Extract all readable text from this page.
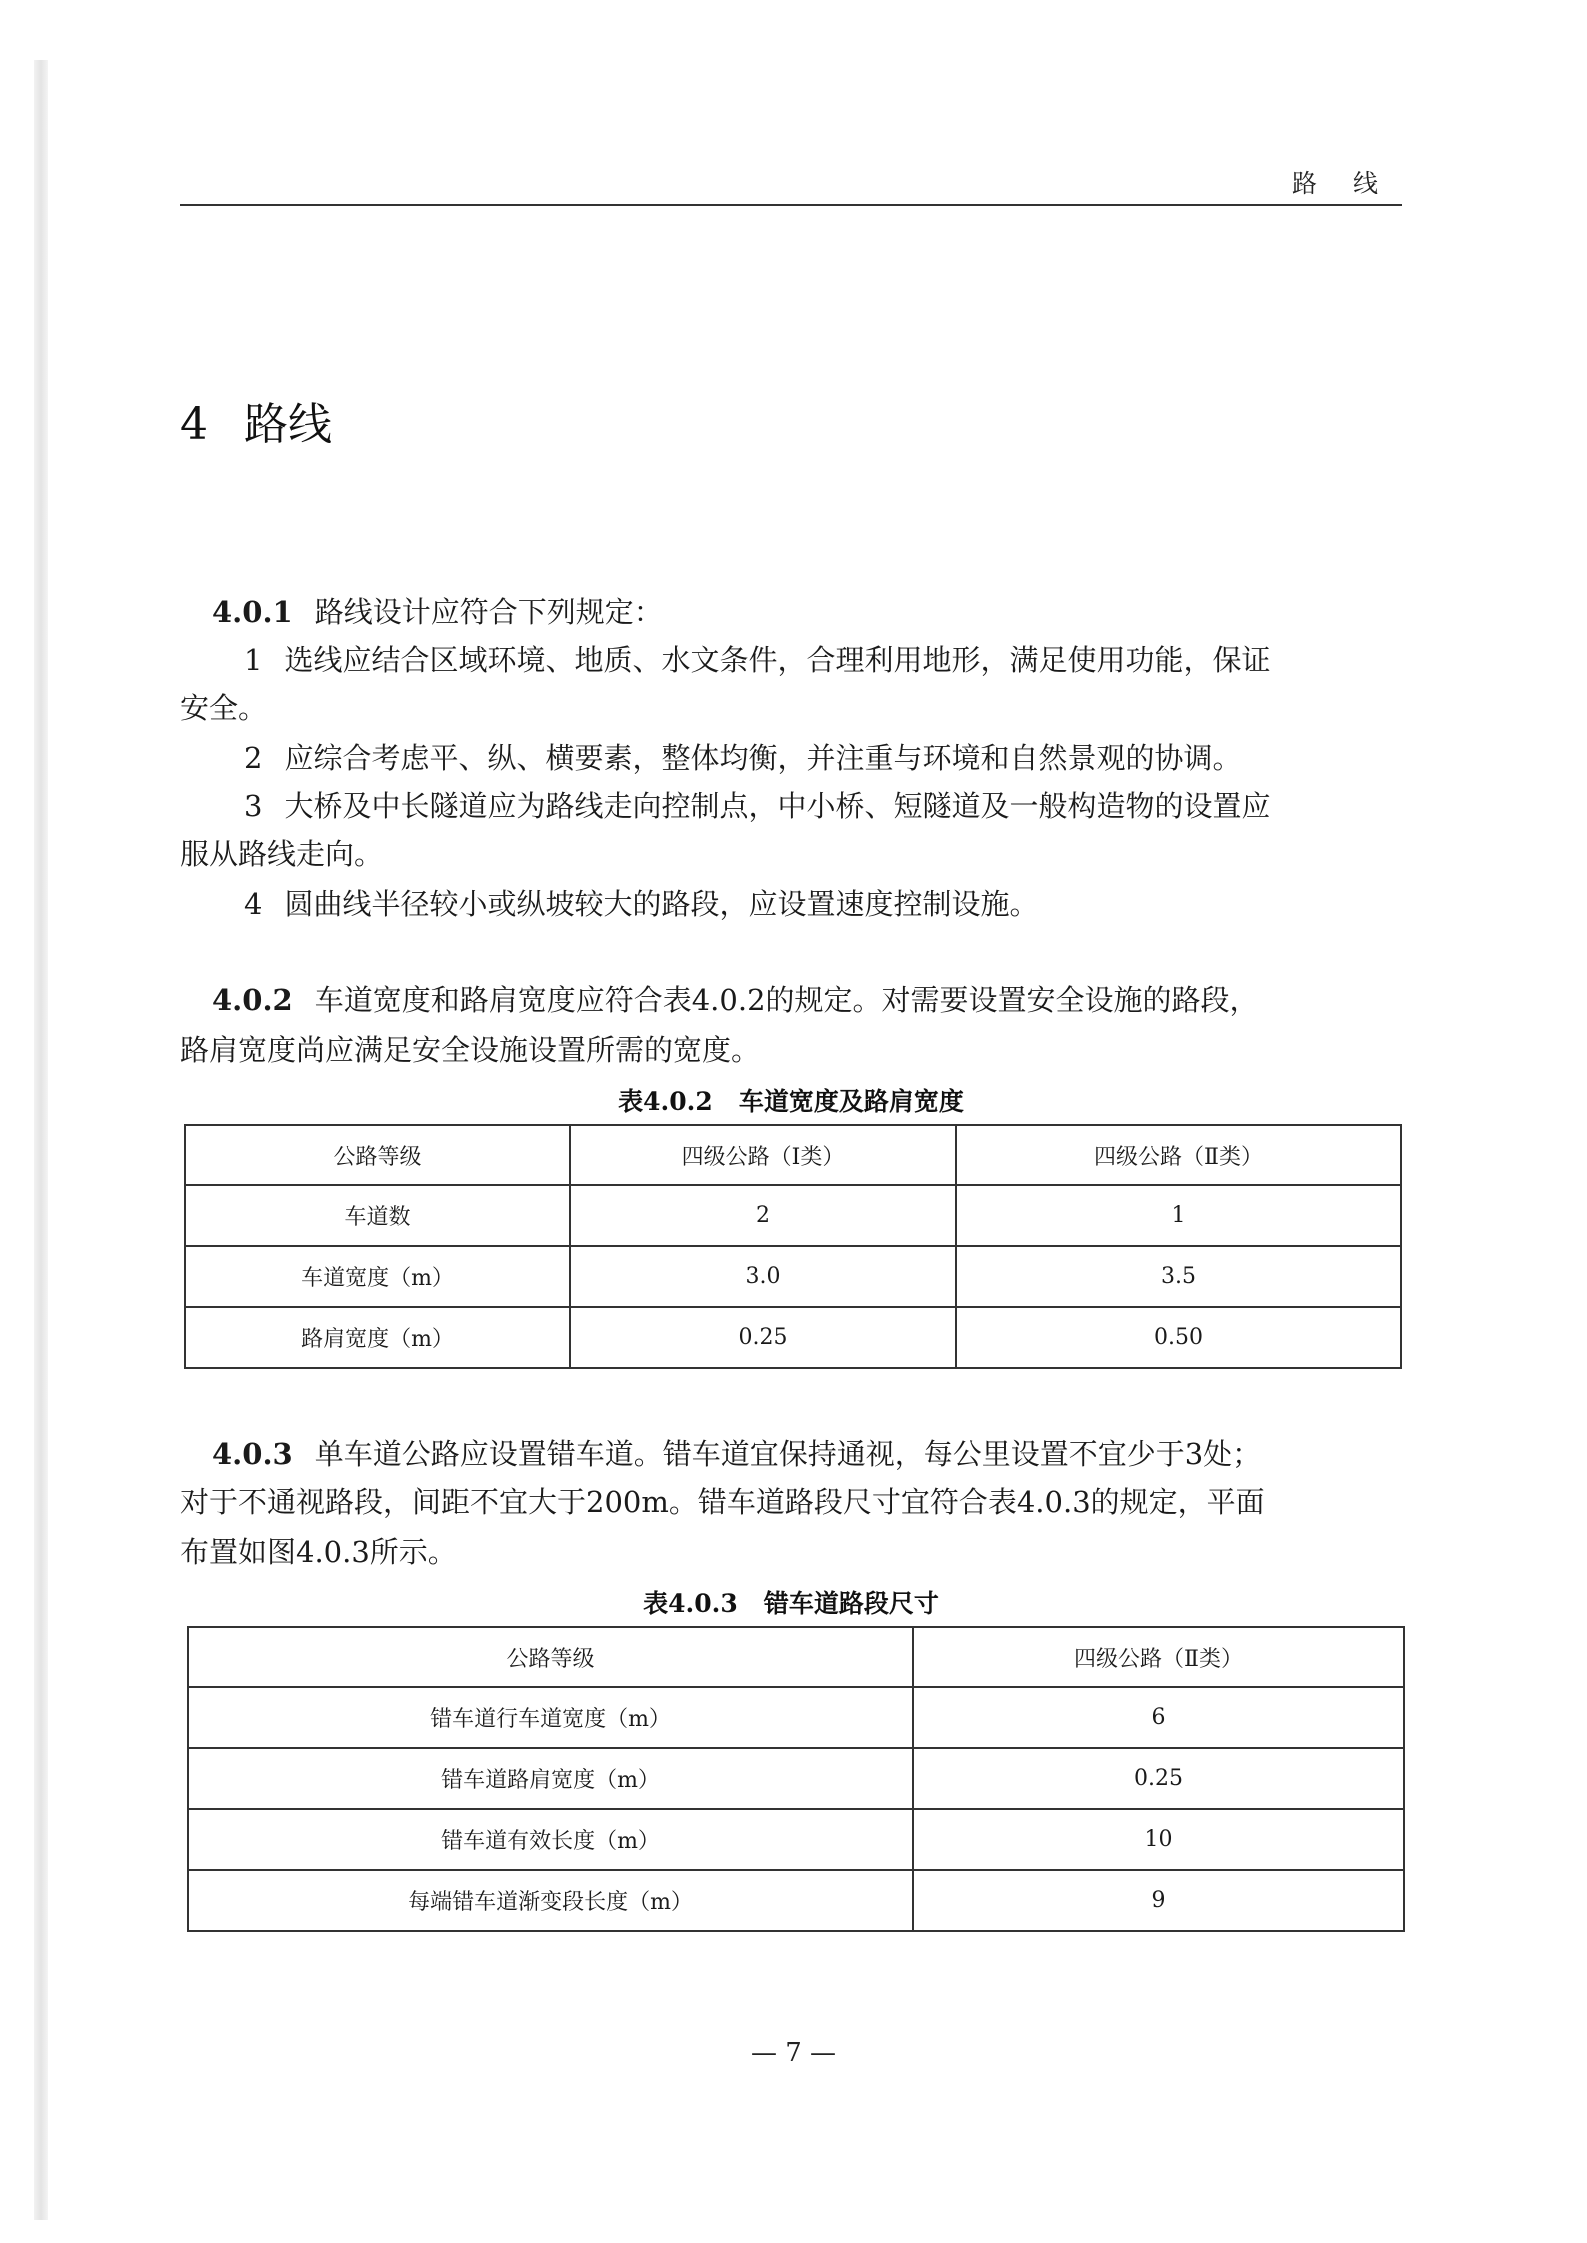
路线
4 路线
4.0.1 路线设计应符合下列规定：
1 选线应结合区域环境、地质、水文条件，合理利用地形，满足使用功能，保证
安全。
2 应综合考虑平、纵、横要素，整体均衡，并注重与环境和自然景观的协调。
3 大桥及中长隧道应为路线走向控制点，中小桥、短隧道及一般构造物的设置应
服从路线走向。
4 圆曲线半径较小或纵坡较大的路段，应设置速度控制设施。
4.0.2 车道宽度和路肩宽度应符合表4.0.2的规定。对需要设置安全设施的路段，
路肩宽度尚应满足安全设施设置所需的宽度。
表4.0.2 车道宽度及路肩宽度
公路等级	四级公路（Ⅰ类）	四级公路（Ⅱ类）
车道数	2	1
车道宽度（m）	3.0	3.5
路肩宽度（m）	0.25	0.50
4.0.3 单车道公路应设置错车道。错车道宜保持通视，每公里设置不宜少于3处；
对于不通视路段，间距不宜大于200m。错车道路段尺寸宜符合表4.0.3的规定，平面
布置如图4.0.3所示。
表4.0.3 错车道路段尺寸
公路等级	四级公路（Ⅱ类）
错车道行车道宽度（m）	6
错车道路肩宽度（m）	0.25
错车道有效长度（m）	10
每端错车道渐变段长度（m）	9
— 7 —
